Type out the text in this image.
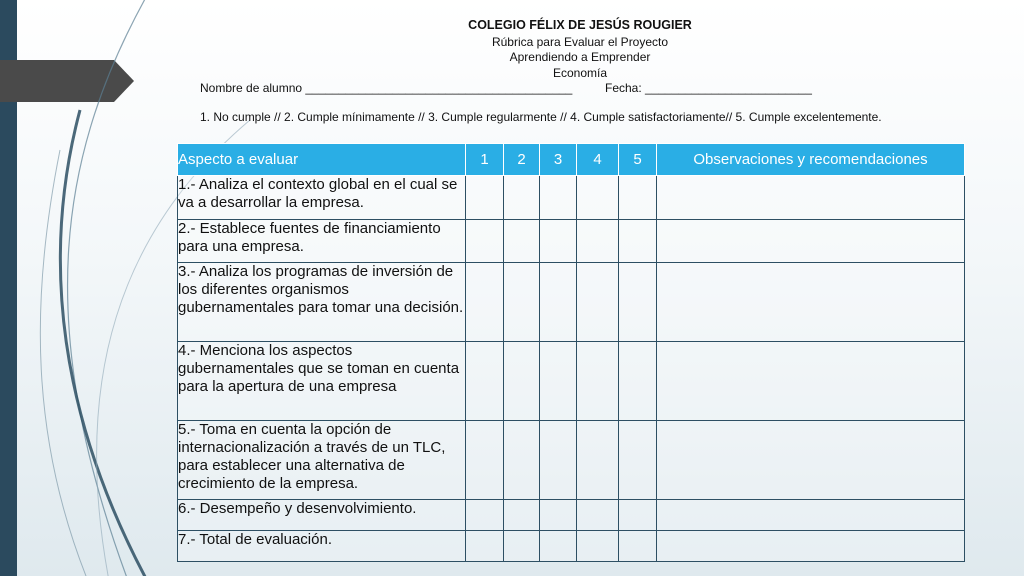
COLEGIO FÉLIX DE JESÚS ROUGIER
Rúbrica para Evaluar el Proyecto
Aprendiendo a Emprender
Economía
Nombre de alumno ________________________________________	Fecha: _________________________
1. No cumple // 2. Cumple mínimamente // 3. Cumple regularmente // 4. Cumple satisfactoriamente// 5. Cumple excelentemente.
Aspecto a evaluar	1	2	3	4	5	Observaciones y recomendaciones
1.- Analiza el contexto global en el cual se va a desarrollar la empresa.						
2.- Establece fuentes de financiamiento para una empresa.						
3.- Analiza los programas de inversión de los diferentes organismos gubernamentales para tomar una decisión.						
4.- Menciona los aspectos gubernamentales que se toman en cuenta para la apertura de una empresa						
5.- Toma en cuenta la opción de internacionalización a través de un TLC, para establecer una alternativa de crecimiento de la empresa.						
6.- Desempeño y desenvolvimiento.						
7.- Total de evaluación.						
